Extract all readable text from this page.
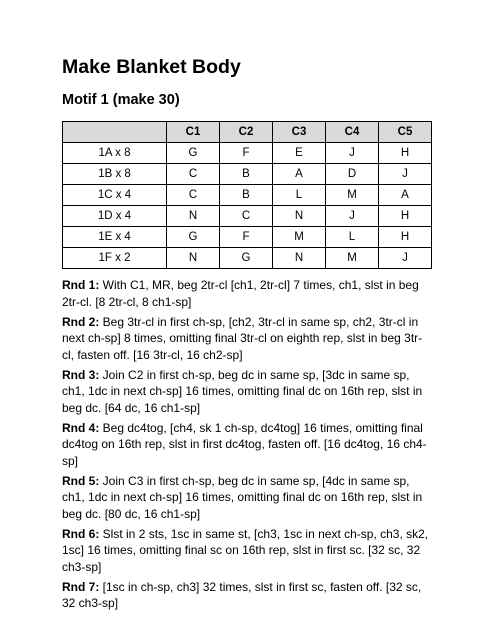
Make Blanket Body
Motif 1 (make 30)
	C1	C2	C3	C4	C5
1A x 8	G	F	E	J	H
1B x 8	C	B	A	D	J
1C x 4	C	B	L	M	A
1D x 4	N	C	N	J	H
1E x 4	G	F	M	L	H
1F x 2	N	G	N	M	J

Rnd 1: With C1, MR, beg 2tr-cl [ch1, 2tr-cl] 7 times, ch1, slst in beg 2tr-cl. [8 2tr-cl, 8 ch1-sp]

Rnd 2: Beg 3tr-cl in first ch-sp, [ch2, 3tr-cl in same sp, ch2, 3tr-cl in next ch-sp] 8 times, omitting final 3tr-cl on eighth rep, slst in beg 3tr-cl, fasten off. [16 3tr-cl, 16 ch2-sp]

Rnd 3: Join C2 in first ch-sp, beg dc in same sp, [3dc in same sp, ch1, 1dc in next ch-sp] 16 times, omitting final dc on 16th rep, slst in beg dc. [64 dc, 16 ch1-sp]

Rnd 4: Beg dc4tog, [ch4, sk 1 ch-sp, dc4tog] 16 times, omitting final dc4tog on 16th rep, slst in first dc4tog, fasten off. [16 dc4tog, 16 ch4-sp]

Rnd 5: Join C3 in first ch-sp, beg dc in same sp, [4dc in same sp, ch1, 1dc in next ch-sp] 16 times, omitting final dc on 16th rep, slst in beg dc. [80 dc, 16 ch1-sp]

Rnd 6: Slst in 2 sts, 1sc in same st, [ch3, 1sc in next ch-sp, ch3, sk2, 1sc] 16 times, omitting final sc on 16th rep, slst in first sc. [32 sc, 32 ch3-sp]

Rnd 7: [1sc in ch-sp, ch3] 32 times, slst in first sc, fasten off. [32 sc, 32 ch3-sp]
